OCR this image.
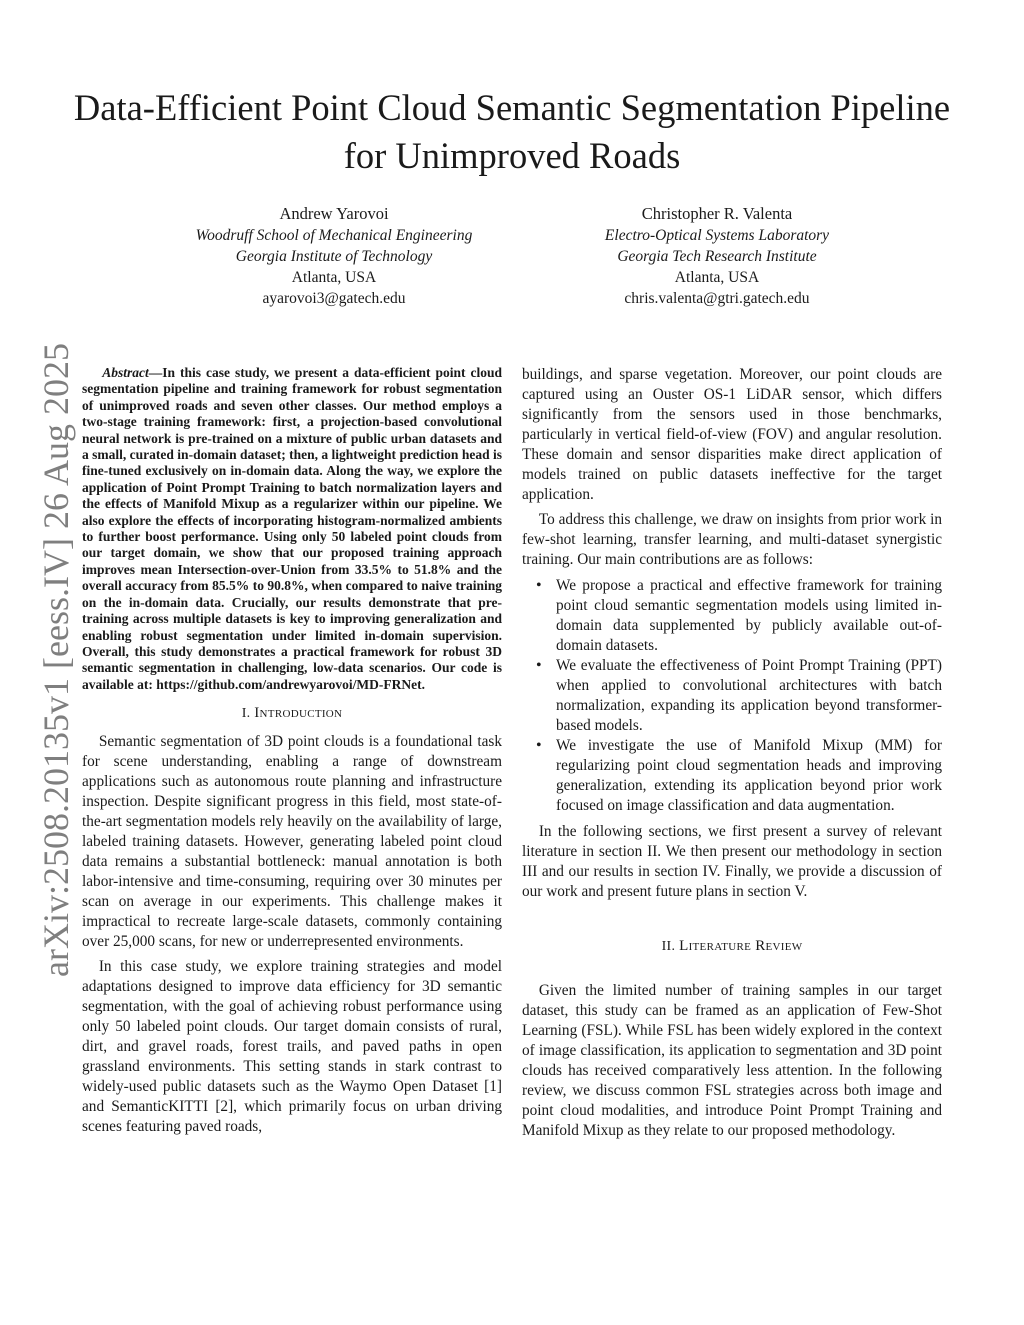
Data-Efficient Point Cloud Semantic Segmentation Pipeline for Unimproved Roads
Andrew Yarovoi
Woodruff School of Mechanical Engineering
Georgia Institute of Technology
Atlanta, USA
ayarovoi3@gatech.edu
Christopher R. Valenta
Electro-Optical Systems Laboratory
Georgia Tech Research Institute
Atlanta, USA
chris.valenta@gtri.gatech.edu
arXiv:2508.20135v1 [eess.IV] 26 Aug 2025	Abstract—In this case study, we present a data-efficient point cloud segmentation pipeline and training framework for robust segmentation of unimproved roads and seven other classes. Our method employs a two-stage training framework: first, a projection-based convolutional neural network is pre-trained on a mixture of public urban datasets and a small, curated in-domain dataset; then, a lightweight prediction head is fine-tuned exclusively on in-domain data. Along the way, we explore the application of Point Prompt Training to batch normalization layers and the effects of Manifold Mixup as a regularizer within our pipeline. We also explore the effects of incorporating histogram-normalized ambients to further boost performance. Using only 50 labeled point clouds from our target domain, we show that our proposed training approach improves mean Intersection-over-Union from 33.5% to 51.8% and the overall accuracy from 85.5% to 90.8%, when compared to naive training on the in-domain data. Crucially, our results demonstrate that pre-training across multiple datasets is key to improving generalization and enabling robust segmentation under limited in-domain supervision. Overall, this study demonstrates a practical framework for robust 3D semantic segmentation in challenging, low-data scenarios. Our code is available at: https://github.com/andrewyarovoi/MD-FRNet.

I. Introduction

Semantic segmentation of 3D point clouds is a foundational task for scene understanding, enabling a range of downstream applications such as autonomous route planning and infrastructure inspection. Despite significant progress in this field, most state-of-the-art segmentation models rely heavily on the availability of large, labeled training datasets. However, generating labeled point cloud data remains a substantial bottleneck: manual annotation is both labor-intensive and time-consuming, requiring over 30 minutes per scan on average in our experiments. This challenge makes it impractical to recreate large-scale datasets, commonly containing over 25,000 scans, for new or underrepresented environments.

In this case study, we explore training strategies and model adaptations designed to improve data efficiency for 3D semantic segmentation, with the goal of achieving robust performance using only 50 labeled point clouds. Our target domain consists of rural, dirt, and gravel roads, forest trails, and paved paths in open grassland environments. This setting stands in stark contrast to widely-used public datasets such as the Waymo Open Dataset [1] and SemanticKITTI [2], which primarily focus on urban driving scenes featuring paved roads,

buildings, and sparse vegetation. Moreover, our point clouds are captured using an Ouster OS-1 LiDAR sensor, which differs significantly from the sensors used in those benchmarks, particularly in vertical field-of-view (FOV) and angular resolution. These domain and sensor disparities make direct application of models trained on public datasets ineffective for the target application.

To address this challenge, we draw on insights from prior work in few-shot learning, transfer learning, and multi-dataset synergistic training. Our main contributions are as follows:

• We propose a practical and effective framework for training point cloud semantic segmentation models using limited in-domain data supplemented by publicly available out-of-domain datasets.
• We evaluate the effectiveness of Point Prompt Training (PPT) when applied to convolutional architectures with batch normalization, expanding its application beyond transformer-based models.
• We investigate the use of Manifold Mixup (MM) for regularizing point cloud segmentation heads and improving generalization, extending its application beyond prior work focused on image classification and data augmentation.

In the following sections, we first present a survey of relevant literature in section II. We then present our methodology in section III and our results in section IV. Finally, we provide a discussion of our work and present future plans in section V.

II. Literature Review

Given the limited number of training samples in our target dataset, this study can be framed as an application of Few-Shot Learning (FSL). While FSL has been widely explored in the context of image classification, its application to segmentation and 3D point clouds has received comparatively less attention. In the following review, we discuss common FSL strategies across both image and point cloud modalities, and introduce Point Prompt Training and Manifold Mixup as they relate to our proposed methodology.
